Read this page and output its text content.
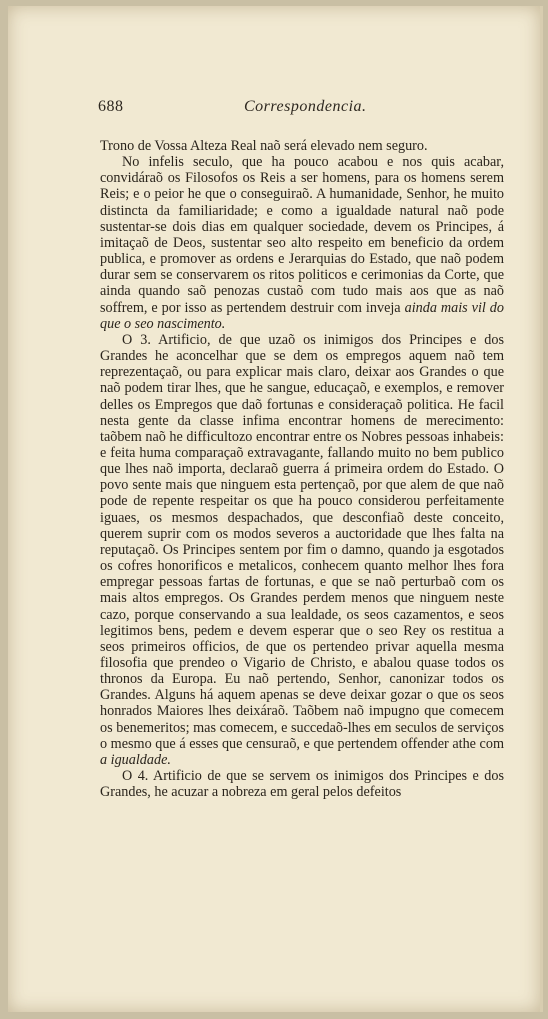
688	Correspondencia.

Trono de Vossa Alteza Real naõ será elevado nem seguro.

No infelis seculo, que ha pouco acabou e nos quis acabar, convidáraõ os Filosofos os Reis a ser homens, para os homens serem Reis; e o peior he que o conseguiraõ. A humanidade, Senhor, he muito distincta da familiaridade; e como a igualdade natural naõ pode sustentar-se dois dias em qualquer sociedade, devem os Principes, á imitaçaõ de Deos, sustentar seo alto respeito em beneficio da ordem publica, e promover as ordens e Jerarquias do Estado, que naõ podem durar sem se conservarem os ritos politicos e cerimonias da Corte, que ainda quando saõ penozas custaõ com tudo mais aos que as naõ soffrem, e por isso as pertendem destruir com inveja ainda mais vil do que o seo nascimento.

O 3. Artificio, de que uzaõ os inimigos dos Principes e dos Grandes he aconcelhar que se dem os empregos aquem naõ tem reprezentaçaõ, ou para explicar mais claro, deixar aos Grandes o que naõ podem tirar lhes, que he sangue, educaçaõ, e exemplos, e remover delles os Empregos que daõ fortunas e consideraçaõ politica. He facil nesta gente da classe infima encontrar homens de merecimento: taõbem naõ he difficultozo encontrar entre os Nobres pessoas inhabeis: e feita huma comparaçaõ extravagante, fallando muito no bem publico que lhes naõ importa, declaraõ guerra á primeira ordem do Estado. O povo sente mais que ninguem esta pertençaõ, por que alem de que naõ pode de repente respeitar os que ha pouco considerou perfeitamente iguaes, os mesmos despachados, que desconfiaõ deste conceito, querem suprir com os modos severos a auctoridade que lhes falta na reputaçaõ. Os Principes sentem por fim o damno, quando ja esgotados os cofres honorificos e metalicos, conhecem quanto melhor lhes fora empregar pessoas fartas de fortunas, e que se naõ perturbaõ com os mais altos empregos. Os Grandes perdem menos que ninguem neste cazo, porque conservando a sua lealdade, os seos cazamentos, e seos legitimos bens, pedem e devem esperar que o seo Rey os restitua a seos primeiros officios, de que os pertendeo privar aquella mesma filosofia que prendeo o Vigario de Christo, e abalou quase todos os thronos da Europa. Eu naõ pertendo, Senhor, canonizar todos os Grandes. Alguns há aquem apenas se deve deixar gozar o que os seos honrados Maiores lhes deixáraõ. Taõbem naõ impugno que comecem os benemeritos; mas comecem, e succedaõ-lhes em seculos de serviços o mesmo que á esses que censuraõ, e que pertendem offender athe com a igualdade.

O 4. Artificio de que se servem os inimigos dos Principes e dos Grandes, he acuzar a nobreza em geral pelos defeitos
